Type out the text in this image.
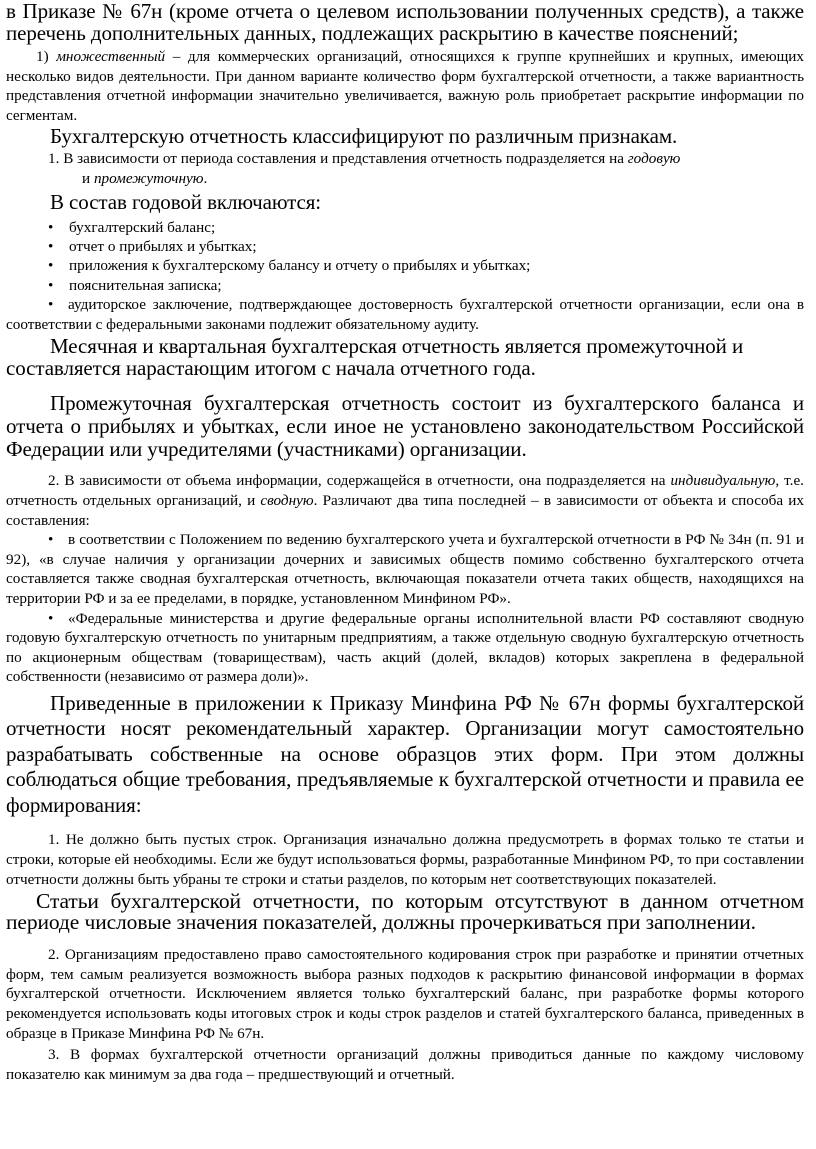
в Приказе № 67н (кроме отчета о целевом использовании полученных средств), а также перечень дополнительных данных, подлежащих раскрытию в качестве пояснений;

1) множественный – для коммерческих организаций, относящихся к группе крупнейших и крупных, имеющих несколько видов деятельности. При данном варианте количество форм бухгалтерской отчетности, а также вариантность представления отчетной информации значительно увеличивается, важную роль приобретает раскрытие информации по сегментам.

Бухгалтерскую отчетность классифицируют по различным признакам.

1. В зависимости от периода составления и представления отчетность подразделяется на годовую
и промежуточную.

В состав годовой включаются:

• бухгалтерский баланс;

• отчет о прибылях и убытках;

• приложения к бухгалтерскому балансу и отчету о прибылях и убытках;

• пояснительная записка;

• аудиторское заключение, подтверждающее достоверность бухгалтерской отчетности организации, если она в соответствии с федеральными законами подлежит обязательному аудиту.

Месячная и квартальная бухгалтерская отчетность является промежуточной и составляется нарастающим итогом с начала отчетного года.

Промежуточная бухгалтерская отчетность состоит из бухгалтерского баланса и отчета о прибылях и убытках, если иное не установлено законодательством Российской Федерации или учредителями (участниками) организации.

2. В зависимости от объема информации, содержащейся в отчетности, она подразделяется на индивидуальную, т.е. отчетность отдельных организаций, и сводную. Различают два типа последней – в зависимости от объекта и способа их составления:

• в соответствии с Положением по ведению бухгалтерского учета и бухгалтерской отчетности в РФ № 34н (п. 91 и 92), «в случае наличия у организации дочерних и зависимых обществ помимо собственно бухгалтерского отчета составляется также сводная бухгалтерская отчетность, включающая показатели отчета таких обществ, находящихся на территории РФ и за ее пределами, в порядке, установленном Минфином РФ».

• «Федеральные министерства и другие федеральные органы исполнительной власти РФ составляют сводную годовую бухгалтерскую отчетность по унитарным предприятиям, а также отдельную сводную бухгалтерскую отчетность по акционерным обществам (товариществам), часть акций (долей, вкладов) которых закреплена в федеральной собственности (независимо от размера доли)».

Приведенные в приложении к Приказу Минфина РФ № 67н формы бухгалтерской отчетности носят рекомендательный характер. Организации могут самостоятельно разрабатывать собственные на основе образцов этих форм. При этом должны соблюдаться общие требования, предъявляемые к бухгалтерской отчетности и правила ее формирования:

1. Не должно быть пустых строк. Организация изначально должна предусмотреть в формах только те статьи и строки, которые ей необходимы. Если же будут использоваться формы, разработанные Минфином РФ, то при составлении отчетности должны быть убраны те строки и статьи разделов, по которым нет соответствующих показателей.

Статьи бухгалтерской отчетности, по которым отсутствуют в данном отчетном периоде числовые значения показателей, должны прочеркиваться при заполнении.

2. Организациям предоставлено право самостоятельного кодирования строк при разработке и принятии отчетных форм, тем самым реализуется возможность выбора разных подходов к раскрытию финансовой информации в формах бухгалтерской отчетности. Исключением является только бухгалтерский баланс, при разработке формы которого рекомендуется использовать коды итоговых строк и коды строк разделов и статей бухгалтерского баланса, приведенных в образце в Приказе Минфина РФ № 67н.

3. В формах бухгалтерской отчетности организаций должны приводиться данные по каждому числовому показателю как минимум за два года – предшествующий и отчетный.
